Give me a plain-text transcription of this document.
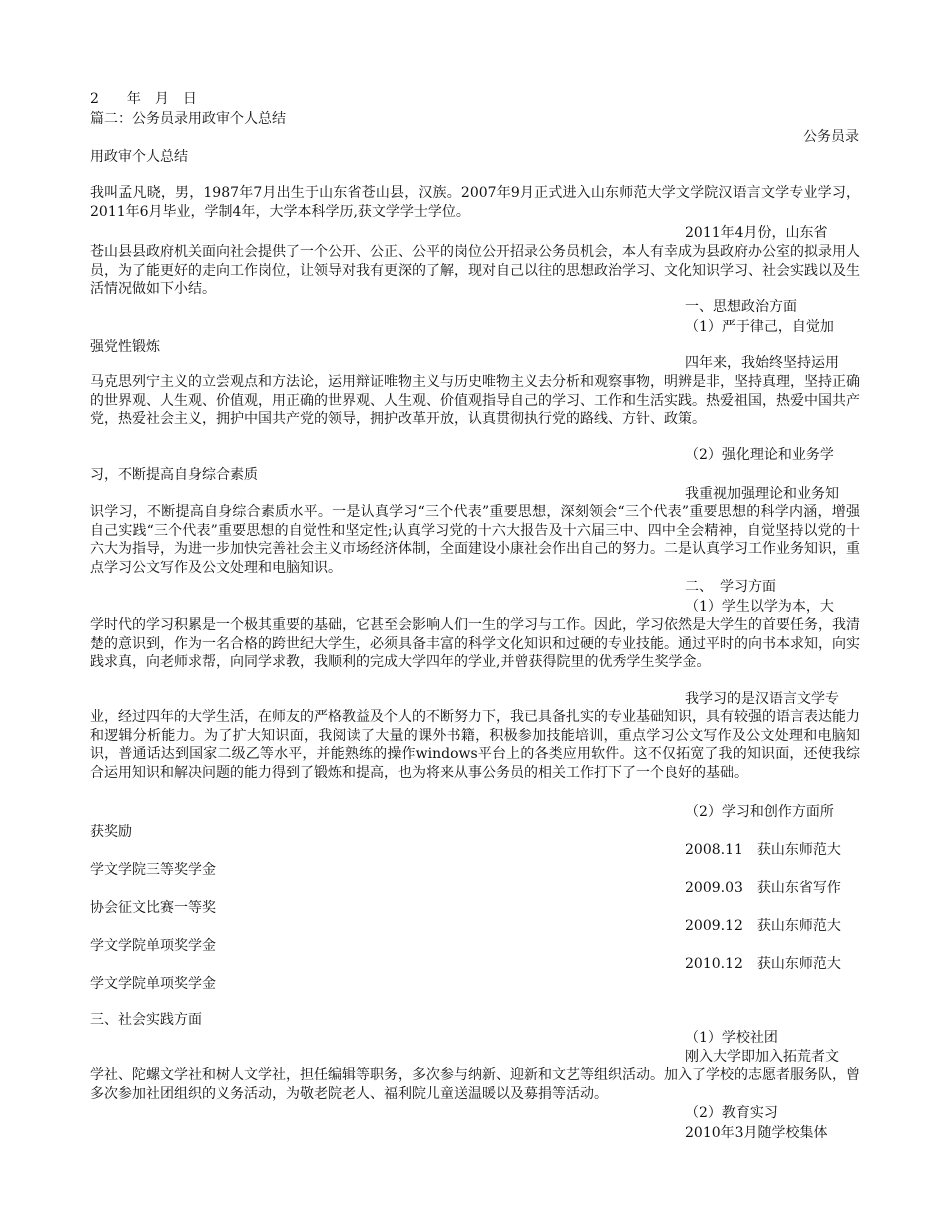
2　　年　月　日
篇二：公务员录用政审个人总结
公务员录
用政审个人总结
我叫孟凡晓，男，1987年7月出生于山东省苍山县，汉族。2007年9月正式进入山东师范大学文学院汉语言文学专业学习，2011年6月毕业，学制4年，大学本科学历,获文学学士学位。
2011年4月份，山东省
苍山县县政府机关面向社会提供了一个公开、公正、公平的岗位公开招录公务员机会，本人有幸成为县政府办公室的拟录用人员，为了能更好的走向工作岗位，让领导对我有更深的了解，现对自己以往的思想政治学习、文化知识学习、社会实践以及生活情况做如下小结。
一、思想政治方面
（1）严于律己，自觉加
强党性锻炼
四年来，我始终坚持运用
马克思列宁主义的立尝观点和方法论，运用辩证唯物主义与历史唯物主义去分析和观察事物，明辨是非，坚持真理，坚持正确的世界观、人生观、价值观，用正确的世界观、人生观、价值观指导自己的学习、工作和生活实践。热爱祖国，热爱中国共产党，热爱社会主义，拥护中国共产党的领导，拥护改革开放，认真贯彻执行党的路线、方针、政策。
（2）强化理论和业务学
习，不断提高自身综合素质
我重视加强理论和业务知
识学习，不断提高自身综合素质水平。一是认真学习“三个代表”重要思想，深刻领会“三个代表”重要思想的科学内涵，增强自己实践“三个代表”重要思想的自觉性和坚定性;认真学习党的十六大报告及十六届三中、四中全会精神，自觉坚持以党的十六大为指导，为进一步加快完善社会主义市场经济体制，全面建设小康社会作出自己的努力。二是认真学习工作业务知识，重点学习公文写作及公文处理和电脑知识。
二、　学习方面
（1）学生以学为本，大
学时代的学习积累是一个极其重要的基础，它甚至会影响人们一生的学习与工作。因此，学习依然是大学生的首要任务，我清楚的意识到，作为一名合格的跨世纪大学生，必须具备丰富的科学文化知识和过硬的专业技能。通过平时的向书本求知，向实践求真，向老师求帮，向同学求教，我顺利的完成大学四年的学业,并曾获得院里的优秀学生奖学金。
我学习的是汉语言文学专
业，经过四年的大学生活，在师友的严格教益及个人的不断努力下，我已具备扎实的专业基础知识，具有较强的语言表达能力和逻辑分析能力。为了扩大知识面，我阅读了大量的课外书籍，积极参加技能培训，重点学习公文写作及公文处理和电脑知识，普通话达到国家二级乙等水平，并能熟练的操作windows平台上的各类应用软件。这不仅拓宽了我的知识面，还使我综合运用知识和解决问题的能力得到了锻炼和提高，也为将来从事公务员的相关工作打下了一个良好的基础。
（2）学习和创作方面所
获奖励
2008.11　获山东师范大
学文学院三等奖学金
2009.03　获山东省写作
协会征文比赛一等奖
2009.12　获山东师范大
学文学院单项奖学金
2010.12　获山东师范大
学文学院单项奖学金
三、社会实践方面
（1）学校社团
刚入大学即加入拓荒者文
学社、陀螺文学社和树人文学社，担任编辑等职务，多次参与纳新、迎新和文艺等组织活动。加入了学校的志愿者服务队，曾多次参加社团组织的义务活动，为敬老院老人、福利院儿童送温暖以及募捐等活动。
（2）教育实习
2010年3月随学校集体
